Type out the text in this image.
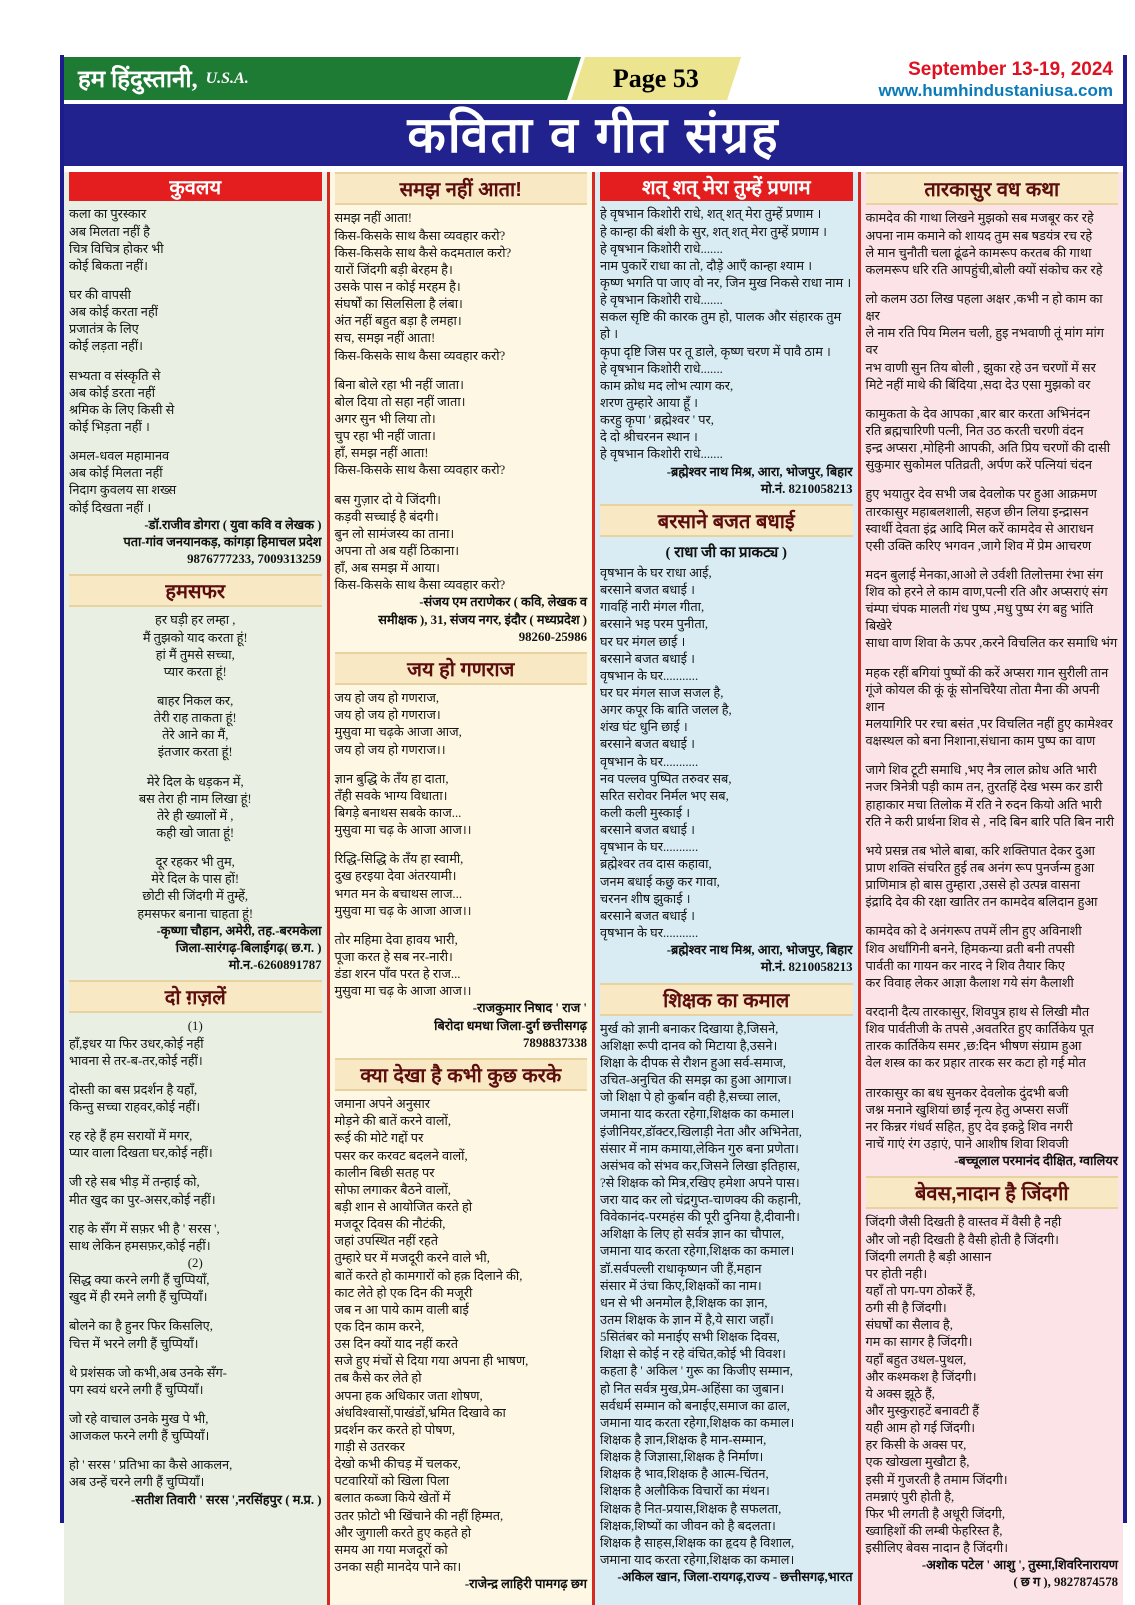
हम हिंदुस्तानी, U.S.A.	Page 53	September 13-19, 2024
www.humhindustaniusa.com
कविता व गीत संग्रह
कुवलय
कला का पुरस्कार
अब मिलता नहीं है
चित्र विचित्र होकर भी
कोई बिकता नहीं।
घर की वापसी
अब कोई करता नहीं
प्रजातंत्र के लिए
कोई लड़ता नहीं।
सभ्यता व संस्कृति से
अब कोई डरता नहीं
श्रमिक के लिए किसी से
कोई भिड़ता नहीं ।
अमल-धवल महामानव
अब कोई मिलता नहीं
निदाग कुवलय सा शख्स
कोई दिखता नहीं ।
-डॉ.राजीव डोगरा ( युवा कवि व लेखक )
पता-गांव जनयानकड़, कांगड़ा हिमाचल प्रदेश
9876777233, 7009313259
हमसफर
हर घड़ी हर लम्हा ,
मैं तुझको याद करता हूं!
हां मैं तुमसे सच्चा,
प्यार करता हूं!
बाहर निकल कर,
तेरी राह ताकता हूं!
तेरे आने का मैं,
इंतजार करता हूं!
मेरे दिल के धड़कन में,
बस तेरा ही नाम लिखा हूं!
तेरे ही ख्यालों में ,
कही खो जाता हूं!
दूर रहकर भी तुम,
मेरे दिल के पास हों!
छोटी सी जिंदगी में तुम्हें,
हमसफर बनाना चाहता हूं!
-कृष्णा चौहान, अमेरी, तह.-बरमकेला
जिला-सारंगढ़-बिलाईगढ़( छ.ग. )
मो.न.-6260891787
दो ग़ज़लें
(1)
हाँ,इधर या फिर उधर,कोई नहीं
भावना से तर-ब-तर,कोई नहीं।
दोस्ती का बस प्रदर्शन है यहाँ,
किन्तु सच्चा राहवर,कोई नहीं।
रह रहे हैं हम सरायों में मगर,
प्यार वाला दिखता घर,कोई नहीं।
जी रहे सब भीड़ में तन्हाई को,
मीत खुद का पुर-असर,कोई नहीं।
राह के सँग में सफ़र भी है ' सरस ',
साथ लेकिन हमसफ़र,कोई नहीं।
(2)
सिद्ध क्या करने लगी हैं चुप्पियाँ,
खुद में ही रमने लगी हैं चुप्पियाँ।
बोलने का है हुनर फिर किसलिए,
चित्त में भरने लगी हैं चुप्पियाँ।
थे प्रशंसक जो कभी,अब उनके सँग-
पग स्वयं धरने लगी हैं चुप्पियाँ।
जो रहे वाचाल उनके मुख पे भी,
आजकल फरने लगी हैं चुप्पियाँ।
हो ' सरस ' प्रतिभा का कैसे आकलन,
अब उन्हें चरने लगी हैं चुप्पियाँ।
-सतीश तिवारी ' सरस ',नरसिंहपुर ( म.प्र. )
समझ नहीं आता!
समझ नहीं आता!
किस-किसके साथ कैसा व्यवहार करो?
किस-किसके साथ कैसे कदमताल करो?
यारों जिंदगी बड़ी बेरहम है।
उसके पास न कोई मरहम है।
संघर्षों का सिलसिला है लंबा।
अंत नहीं बहुत बड़ा है लमहा।
सच, समझ नहीं आता!
किस-किसके साथ कैसा व्यवहार करो?
बिना बोले रहा भी नहीं जाता।
बोल दिया तो सहा नहीं जाता।
अगर सुन भी लिया तो।
चुप रहा भी नहीं जाता।
हाँ, समझ नहीं आता!
किस-किसके साथ कैसा व्यवहार करो?
बस गुज़ार दो ये जिंदगी।
कड़वी सच्चाई है बंदगी।
बुन लो सामंजस्य का ताना।
अपना तो अब यहीं ठिकाना।
हाँ, अब समझ में आया।
किस-किसके साथ कैसा व्यवहार करो?
-संजय एम तराणेकर ( कवि, लेखक व
समीक्षक ), 31, संजय नगर, इंदौर ( मध्यप्रदेश )
98260-25986
जय हो गणराज
जय हो जय हो गणराज,
जय हो जय हो गणराज।
मुसुवा मा चढ़के आजा आज,
जय हो जय हो गणराज।।
ज्ञान बुद्धि के तँय हा दाता,
तँही सवके भाग्य विधाता।
बिगड़े बनाथस सबके काज...
मुसुवा मा चढ़ के आजा आज।।
रिद्धि-सिद्धि के तँय हा स्वामी,
दुख हरइया देवा अंतरयामी।
भगत मन के बचाथस लाज...
मुसुवा मा चढ़ के आजा आज।।
तोर महिमा देवा हावय भारी,
पूजा करत हे सब नर-नारी।
डंडा शरन पाँव परत हे राज...
मुसुवा मा चढ़ के आजा आज।।
-राजकुमार निषाद ' राज '
बिरोदा धमधा जिला-दुर्ग छत्तीसगढ़
7898837338
क्या देखा है कभी कुछ करके
जमाना अपने अनुसार
मोड़ने की बातें करने वालों,
रूई की मोटे गद्दों पर
पसर कर करवट बदलने वालों,
कालीन बिछी सतह पर
सोफा लगाकर बैठने वालों,
बड़ी शान से आयोजित करते हो
मजदूर दिवस की नौटंकी,
जहां उपस्थित नहीं रहते
तुम्हारे घर में मजदूरी करने वाले भी,
बातें करते हो कामगारों को हक़ दिलाने की,
काट लेते हो एक दिन की मजूरी
जब न आ पाये काम वाली बाई
एक दिन काम करने,
उस दिन क्यों याद नहीं करते
सजे हुए मंचों से दिया गया अपना ही भाषण,
तब कैसे कर लेते हो
अपना हक अधिकार जता शोषण,
अंधविश्वासों,पाखंडों,भ्रमित दिखावे का
प्रदर्शन कर करते हो पोषण,
गाड़ी से उतरकर
देखो कभी कीचड़ में चलकर,
पटवारियों को खिला पिला
बलात कब्जा किये खेतों में
उतर फ़ोटो भी खिंचाने की नहीं हिम्मत,
और जुगाली करते हुए कहते हो
समय आ गया मजदूरों को
उनका सही मानदेय पाने का।
-राजेन्द्र लाहिरी पामगढ़ छग
शत् शत् मेरा तुम्हें प्रणाम
हे वृषभान किशोरी राधे, शत् शत् मेरा तुम्हें प्रणाम ।
हे कान्हा की बंशी के सुर, शत् शत् मेरा तुम्हें प्रणाम ।
हे वृषभान किशोरी राधे.......
नाम पुकारें राधा का तो, दौड़े आएँ कान्हा श्याम ।
कृष्ण भगति पा जाए वो नर, जिन मुख निकसे राधा नाम ।
हे वृषभान किशोरी राधे.......
सकल सृष्टि की कारक तुम हो, पालक और संहारक तुम हो ।
कृपा दृष्टि जिस पर तू डाले, कृष्ण चरण में पावै ठाम ।
हे वृषभान किशोरी राधे.......
काम क्रोध मद लोभ त्याग कर,
शरण तुम्हारे आया हूँ ।
करहु कृपा ' ब्रह्मेश्वर ' पर,
दे दो श्रीचरनन स्थान ।
हे वृषभान किशोरी राधे.......
-ब्रह्मेश्वर नाथ मिश्र, आरा, भोजपुर, बिहार
मो.नं. 8210058213
बरसाने बजत बधाई
( राधा जी का प्राकट्य )
वृषभान के घर राधा आई,
बरसाने बजत बधाई ।
गावहिं नारी मंगल गीता,
बरसाने भइ परम पुनीता,
घर घर मंगल छाई ।
बरसाने बजत बधाई ।
वृषभान के घर...........
घर घर मंगल साज सजल है,
अगर कपूर कि बाति जलल है,
शंख घंट धुनि छाई ।
बरसाने बजत बधाई ।
वृषभान के घर...........
नव पल्लव पुष्पित तरुवर सब,
सरित सरोवर निर्मल भए सब,
कली कली मुस्काई ।
बरसाने बजत बधाई ।
वृषभान के घर...........
ब्रह्मेश्वर तव दास कहावा,
जनम बधाई कछु कर गावा,
चरनन शीष झुकाई ।
बरसाने बजत बधाई ।
वृषभान के घर...........
-ब्रह्मेश्वर नाथ मिश्र, आरा, भोजपुर, बिहार
मो.नं. 8210058213
शिक्षक का कमाल
मुर्ख को ज्ञानी बनाकर दिखाया है,जिसने,
अशिक्षा रूपी दानव को मिटाया है,उसने।
शिक्षा के दीपक से रौशन हुआ सर्व-समाज,
उचित-अनुचित की समझ का हुआ आगाज।
जो शिक्षा पे हो कुर्बान वही है,सच्चा लाल,
जमाना याद करता रहेगा,शिक्षक का कमाल।
इंजीनियर,डॉक्टर,खिलाड़ी नेता और अभिनेता,
संसार में नाम कमाया,लेकिन गुरु बना प्रणेता।
असंभव को संभव कर,जिसने लिखा इतिहास,
?से शिक्षक को मित्र,रखिए हमेशा अपने पास।
जरा याद कर लो चंद्रगुप्त-चाणक्य की कहानी,
विवेकानंद-परमहंस की पूरी दुनिया है,दीवानी।
अशिक्षा के लिए हो सर्वत्र ज्ञान का चौपाल,
जमाना याद करता रहेगा,शिक्षक का कमाल।
डॉ.सर्वपल्ली राधाकृष्णन जी हैं,महान
संसार में उंचा किए,शिक्षकों का नाम।
धन से भी अनमोल है,शिक्षक का ज्ञान,
उतम शिक्षक के ज्ञान में है,ये सारा जहाँ।
5सितंबर को मनाईए सभी शिक्षक दिवस,
शिक्षा से कोई न रहे वंचित,कोई भी विवश।
कहता है ' अकिल ' गुरू का किजीए सम्मान,
हो नित सर्वत्र मुख,प्रेम-अहिंसा का जुबान।
सर्वधर्म सम्मान को बनाईए,समाज का ढाल,
जमाना याद करता रहेगा,शिक्षक का कमाल।
शिक्षक है ज्ञान,शिक्षक है मान-सम्मान,
शिक्षक है जिज्ञासा,शिक्षक है निर्माण।
शिक्षक है भाव,शिक्षक है आत्म-चिंतन,
शिक्षक है अलौकिक विचारों का मंथन।
शिक्षक है नित-प्रयास,शिक्षक है सफलता,
शिक्षक,शिष्यों का जीवन को है बदलता।
शिक्षक है साहस,शिक्षक का हृदय है विशाल,
जमाना याद करता रहेगा,शिक्षक का कमाल।
-अकिल खान, जिला-रायगढ़,राज्य - छत्तीसगढ़,भारत
तारकासुर वध कथा
कामदेव की गाथा लिखने मुझको सब मजबूर कर रहे
अपना नाम कमाने को शायद तुम सब षडयंत्र रच रहे
ले मान चुनौती चला ढूंढने कामरूप करतब की गाथा
कलमरूप धरि रति आपहुंची,बोली क्यों संकोच कर रहे
लो कलम उठा लिख पहला अक्षर ,कभी न हो काम का क्षर
ले नाम रति पिय मिलन चली, हुइ नभवाणी तूं मांग मांग वर
नभ वाणी सुन तिय बोली , झुका रहे उन चरणों में सर
मिटे नहीं माथे की बिंदिया ,सदा देउ एसा मुझको वर
कामुकता के देव आपका ,बार बार करता अभिनंदन
रति ब्रह्मचारिणी पत्नी, नित उठ करती चरणी वंदन
इन्द्र अप्सरा ,मोहिनी आपकी, अति प्रिय चरणों की दासी
सुकुमार सुकोमल पतिव्रती, अर्पण करें पत्नियां चंदन
हुए भयातुर देव सभी जब देवलोक पर हुआ आक्रमण
तारकासुर महाबलशाली, सहज छीन लिया इन्द्रासन
स्वार्थी देवता इंद्र आदि मिल करें कामदेव से आराधन
एसी उक्ति करिए भगवन ,जागे शिव में प्रेम आचरण
मदन बुलाई मेनका,आओ ले उर्वशी तिलोत्तमा रंभा संग
शिव को हरने ले काम वाण,पत्नी रति और अप्सराएं संग
चंम्पा चंपक मालती गंध पुष्प ,मधु पुष्प रंग बहु भांति बिखेरे
साधा वाण शिवा के ऊपर ,करने विचलित कर समाधि भंग
महक रहीं बगियां पुष्पों की करें अप्सरा गान सुरीली तान
गूंजे कोयल की कूं कूं सोनचिरैया तोता मैना की अपनी शान
मलयागिरि पर रचा बसंत ,पर विचलित नहीं हुए कामेश्वर
वक्षस्थल को बना निशाना,संधाना काम पुष्प का वाण
जागे शिव टूटी समाधि ,भए नैत्र लाल क्रोध अति भारी
नजर त्रिनेत्री पड़ी काम तन, तुरतहिं देख भस्म कर डारी
हाहाकार मचा तिलोक में रति ने रुदन कियो अति भारी
रति ने करी प्रार्थना शिव से , नदि बिन बारि पति बिन नारी
भये प्रसन्न तब भोले बाबा, करि शक्तिपात देकर दुआ
प्राण शक्ति संचरित हुई तब अनंग रूप पुनर्जन्म हुआ
प्राणिमात्र हो बास तुम्हारा ,उससे हो उत्पन्न वासना
इंद्रादि देव की रक्षा खातिर तन कामदेव बलिदान हुआ
कामदेव को दे अनंगरूप तपमें लीन हुए अविनाशी
शिव अर्धांगिनी बनने, हिमकन्या व्रती बनी तपसी
पार्वती का गायन कर नारद ने शिव तैयार किए
कर विवाह लेकर आज्ञा कैलाश गये संग कैलाशी
वरदानी दैत्य तारकासुर, शिवपुत्र हाथ से लिखी मौत
शिव पार्वतीजी के तपसे ,अवतरित हुए कार्तिकेय पूत
तारक कार्तिकेय समर ,छ:दिन भीषण संग्राम हुआ
वेल शस्त्र का कर प्रहार तारक सर कटा हो गई मोत
तारकासुर का बध सुनकर देवलोक दुंदभी बजी
जश्न मनाने खुशियां छाईं नृत्य हेतु अप्सरा सजीं
नर किन्नर गंधर्व सहित, हुए देव इकट्ठे शिव नगरी
नाचें गाएं रंग उड़ाएं, पाने आशीष शिवा शिवजी
-बच्चूलाल परमानंद दीक्षित, ग्वालियर
बेवस,नादान है जिंदगी
जिंदगी जैसी दिखती है वास्तव में वैसी है नही
और जो नही दिखती है वैसी होती है जिंदगी।
जिंदगी लगती है बड़ी आसान
पर होती नही।
यहाँ तो पग-पग ठोकरें हैं,
ठगी सी है जिंदगी।
संघर्षों का सैलाव है,
गम का सागर है जिंदगी।
यहाँ बहुत उथल-पुथल,
और कश्मकश है जिंदगी।
ये अक्स झूठे हैं,
और मुस्कुराहटें बनावटी हैं
यही आम हो गई जिंदगी।
हर किसी के अक्स पर,
एक खोखला मुखौटा है,
इसी में गुजरती है तमाम जिंदगी।
तमन्नाएं पुरी होती है,
फिर भी लगती है अधूरी जिंदगी,
ख्वाहिशों की लम्बी फेहरिस्त है,
इसीलिए बेवस नादान है जिंदगी।
-अशोक पटेल ' आशु ', तुस्मा,शिवरिनारायण
( छ ग ), 9827874578
